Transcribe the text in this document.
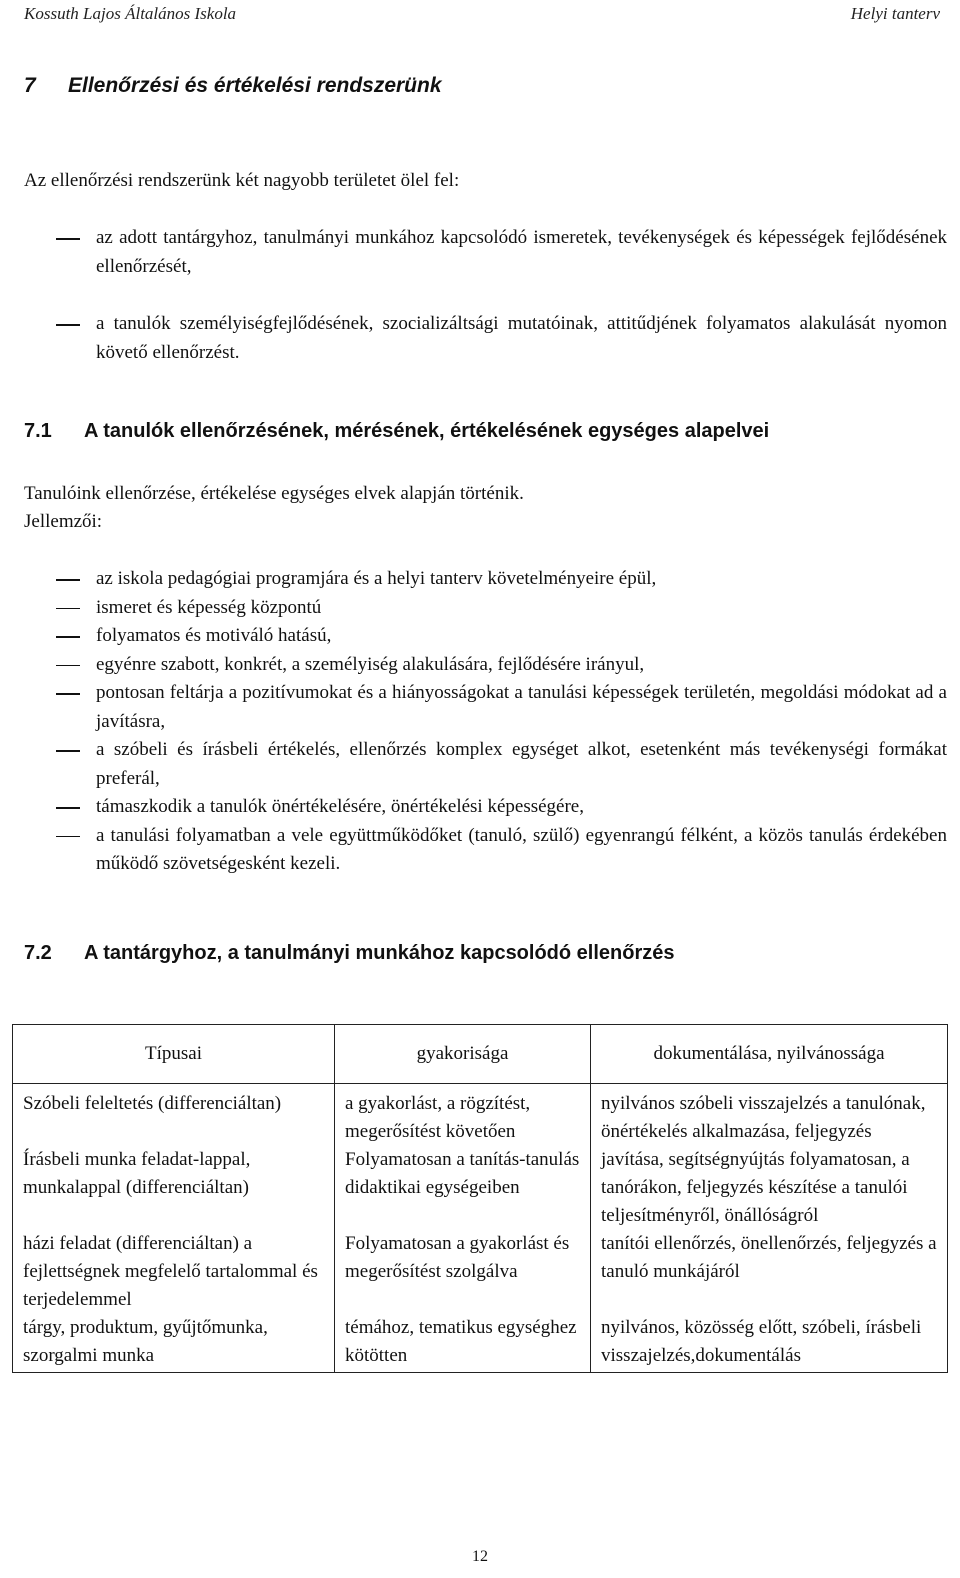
Kossuth Lajos Általános Iskola	Helyi tanterv
7 Ellenőrzési és értékelési rendszerünk
Az ellenőrzési rendszerünk két nagyobb területet ölel fel:
az adott tantárgyhoz, tanulmányi munkához kapcsolódó ismeretek, tevékenységek és képességek fejlődésének ellenőrzését,
a tanulók személyiségfejlődésének, szocializáltsági mutatóinak, attitűdjének folyamatos alakulását nyomon követő ellenőrzést.
7.1 A tanulók ellenőrzésének, mérésének, értékelésének egységes alapelvei
Tanulóink ellenőrzése, értékelése egységes elvek alapján történik.
Jellemzői:
az iskola pedagógiai programjára és a helyi tanterv követelményeire épül,
ismeret és képesség központú
folyamatos és motiváló hatású,
egyénre szabott, konkrét, a személyiség alakulására, fejlődésére irányul,
pontosan feltárja a pozitívumokat és a hiányosságokat a tanulási képességek területén, megoldási módokat ad a javításra,
a szóbeli és írásbeli értékelés, ellenőrzés komplex egységet alkot, esetenként más tevékenységi formákat preferál,
támaszkodik a tanulók önértékelésére, önértékelési képességére,
a tanulási folyamatban a vele együttműködőket (tanuló, szülő) egyenrangú félként, a közös tanulás érdekében működő szövetségesként kezeli.
7.2 A tantárgyhoz, a tanulmányi munkához kapcsolódó ellenőrzés
Típusai	gyakorisága	dokumentálása, nyilvánossága
Szóbeli feleltetés (differenciáltan)	a gyakorlást, a rögzítést, megerősítést követően	nyilvános szóbeli visszajelzés a tanulónak, önértékelés alkalmazása, feljegyzés
Írásbeli munka feladat-lappal, munkalappal (differenciáltan)	Folyamatosan a tanítás-tanulás didaktikai egységeiben	javítása, segítségnyújtás folyamatosan, a tanórákon, feljegyzés készítése a tanulói teljesítményről, önállóságról
házi feladat (differenciáltan) a fejlettségnek megfelelő tartalommal és terjedelemmel	Folyamatosan a gyakorlást és megerősítést szolgálva	tanítói ellenőrzés, önellenőrzés, feljegyzés a tanuló munkájáról
tárgy, produktum, gyűjtőmunka, szorgalmi munka	témához, tematikus egységhez kötötten	nyilvános, közösség előtt, szóbeli, írásbeli visszajelzés,dokumentálás
12
